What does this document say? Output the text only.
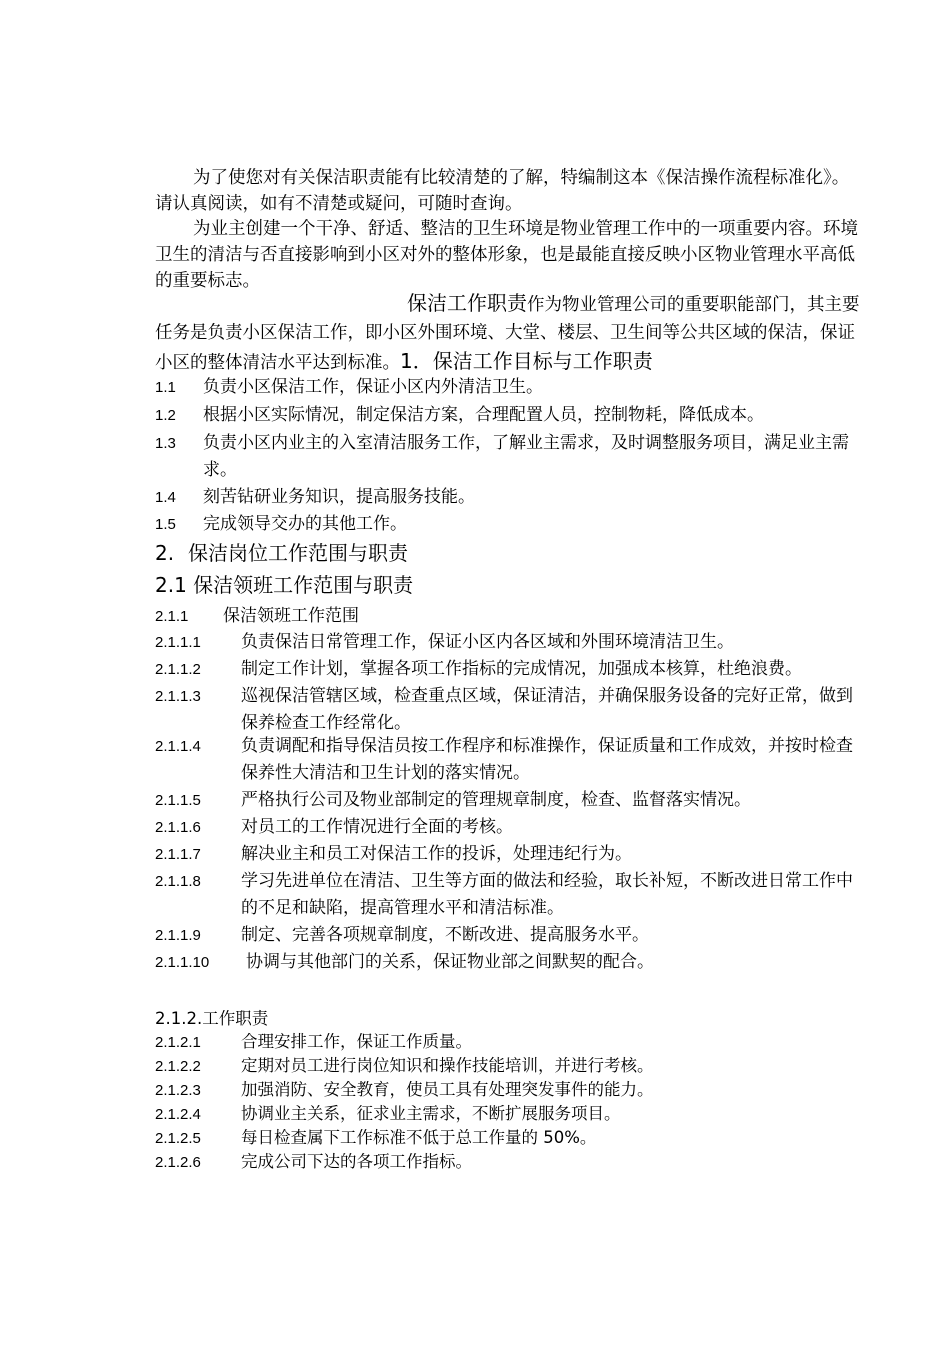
为了使您对有关保洁职责能有比较清楚的了解，特编制这本《保洁操作流程标准化》。请认真阅读，如有不清楚或疑问，可随时查询。

为业主创建一个干净、舒适、整洁的卫生环境是物业管理工作中的一项重要内容。环境卫生的清洁与否直接影响到小区对外的整体形象，也是最能直接反映小区物业管理水平高低的重要标志。

保洁工作职责作为物业管理公司的重要职能部门，其主要任务是负责小区保洁工作，即小区外围环境、大堂、楼层、卫生间等公共区域的保洁，保证小区的整体清洁水平达到标准。1．保洁工作目标与工作职责

1.1 负责小区保洁工作，保证小区内外清洁卫生。

1.2 根据小区实际情况，制定保洁方案，合理配置人员，控制物耗，降低成本。

1.3 负责小区内业主的入室清洁服务工作，了解业主需求，及时调整服务项目，满足业主需求。

1.4 刻苦钻研业务知识，提高服务技能。

1.5 完成领导交办的其他工作。

2. 保洁岗位工作范围与职责

2.1 保洁领班工作范围与职责

2.1.1 保洁领班工作范围

2.1.1.1 负责保洁日常管理工作，保证小区内各区域和外围环境清洁卫生。

2.1.1.2 制定工作计划，掌握各项工作指标的完成情况，加强成本核算，杜绝浪费。

2.1.1.3 巡视保洁管辖区域，检查重点区域，保证清洁，并确保服务设备的完好正常，做到保养检查工作经常化。

2.1.1.4 负责调配和指导保洁员按工作程序和标准操作，保证质量和工作成效，并按时检查保养性大清洁和卫生计划的落实情况。

2.1.1.5 严格执行公司及物业部制定的管理规章制度，检查、监督落实情况。

2.1.1.6 对员工的工作情况进行全面的考核。

2.1.1.7 解决业主和员工对保洁工作的投诉，处理违纪行为。

2.1.1.8 学习先进单位在清洁、卫生等方面的做法和经验，取长补短，不断改进日常工作中的不足和缺陷，提高管理水平和清洁标准。

2.1.1.9 制定、完善各项规章制度，不断改进、提高服务水平。

2.1.1.10 协调与其他部门的关系，保证物业部之间默契的配合。

2.1.2.工作职责

2.1.2.1 合理安排工作，保证工作质量。

2.1.2.2 定期对员工进行岗位知识和操作技能培训，并进行考核。

2.1.2.3 加强消防、安全教育，使员工具有处理突发事件的能力。

2.1.2.4 协调业主关系，征求业主需求，不断扩展服务项目。

2.1.2.5 每日检查属下工作标准不低于总工作量的 50%。

2.1.2.6 完成公司下达的各项工作指标。
